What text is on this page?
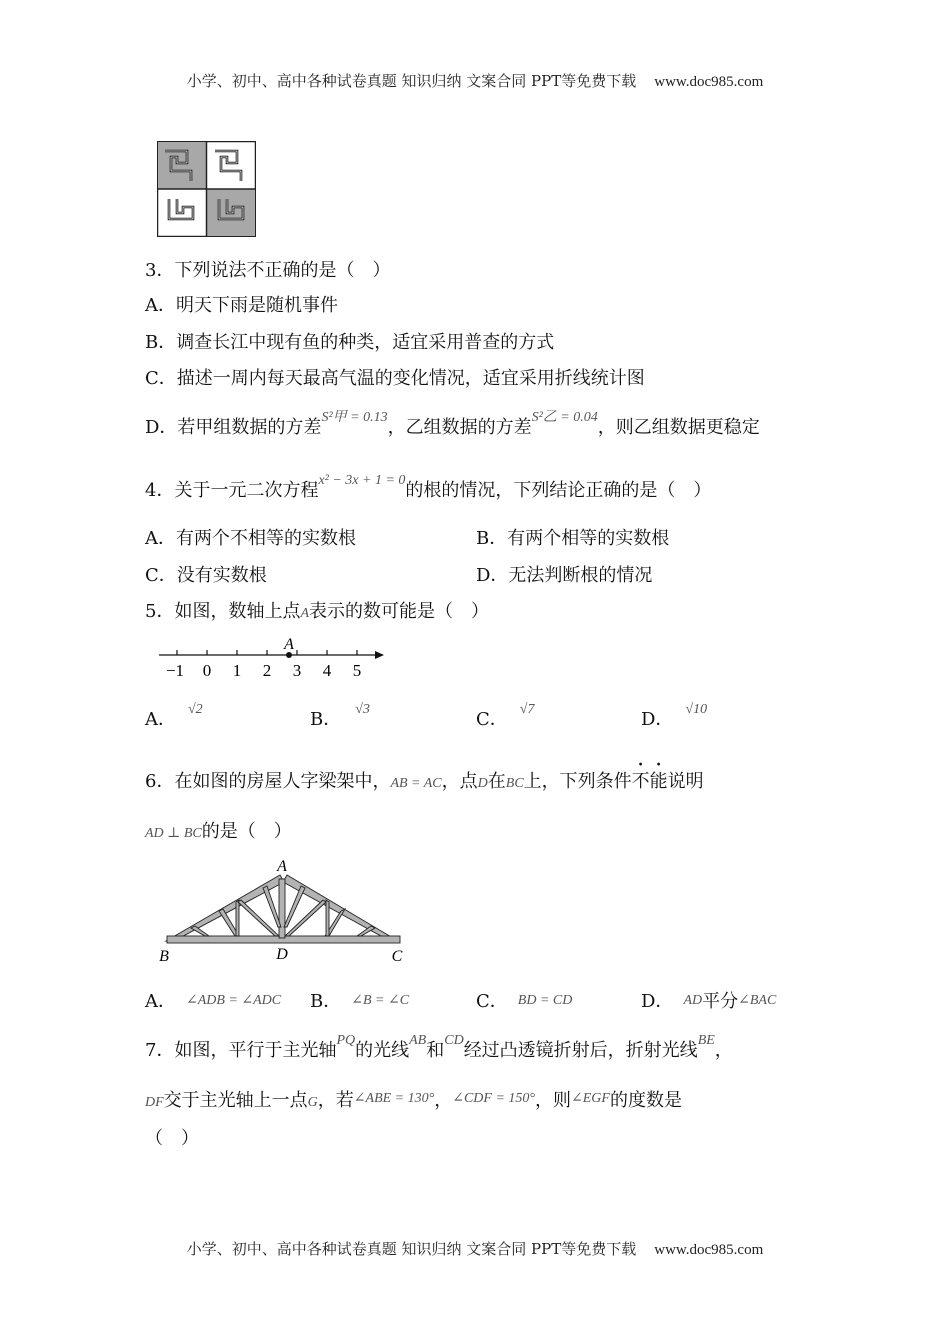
小学、初中、高中各种试卷真题 知识归纳 文案合同 PPT等免费下载 www.doc985.com
3．下列说法不正确的是（　）
A．明天下雨是随机事件
B．调查长江中现有鱼的种类，适宜采用普查的方式
C．描述一周内每天最高气温的变化情况，适宜采用折线统计图
D．若甲组数据的方差S²甲 = 0.13，乙组数据的方差S²乙 = 0.04，则乙组数据更稳定
4．关于一元二次方程x² − 3x + 1 = 0的根的情况，下列结论正确的是（　）
A．有两个不相等的实数根	B．有两个相等的实数根
C．没有实数根	D．无法判断根的情况
5．如图，数轴上点A表示的数可能是（　）
A
−1 0 1 2 3 4 5
A． √2	B． √3	C． √7	D． √10
6．在如图的房屋人字梁架中，AB = AC，点D在BC上，下列条件不能说明
AD ⊥ BC的是（　）
A
B	D	C
A． ∠ADB = ∠ADC B． ∠B = ∠C	C． BD = CD	D． AD平分∠BAC
7．如图，平行于主光轴PQ的光线AB和CD经过凸透镜折射后，折射光线BE，
DF交于主光轴上一点G，若∠ABE = 130°，∠CDF = 150°，则∠EGF的度数是
（　）
小学、初中、高中各种试卷真题 知识归纳 文案合同 PPT等免费下载 www.doc985.com
